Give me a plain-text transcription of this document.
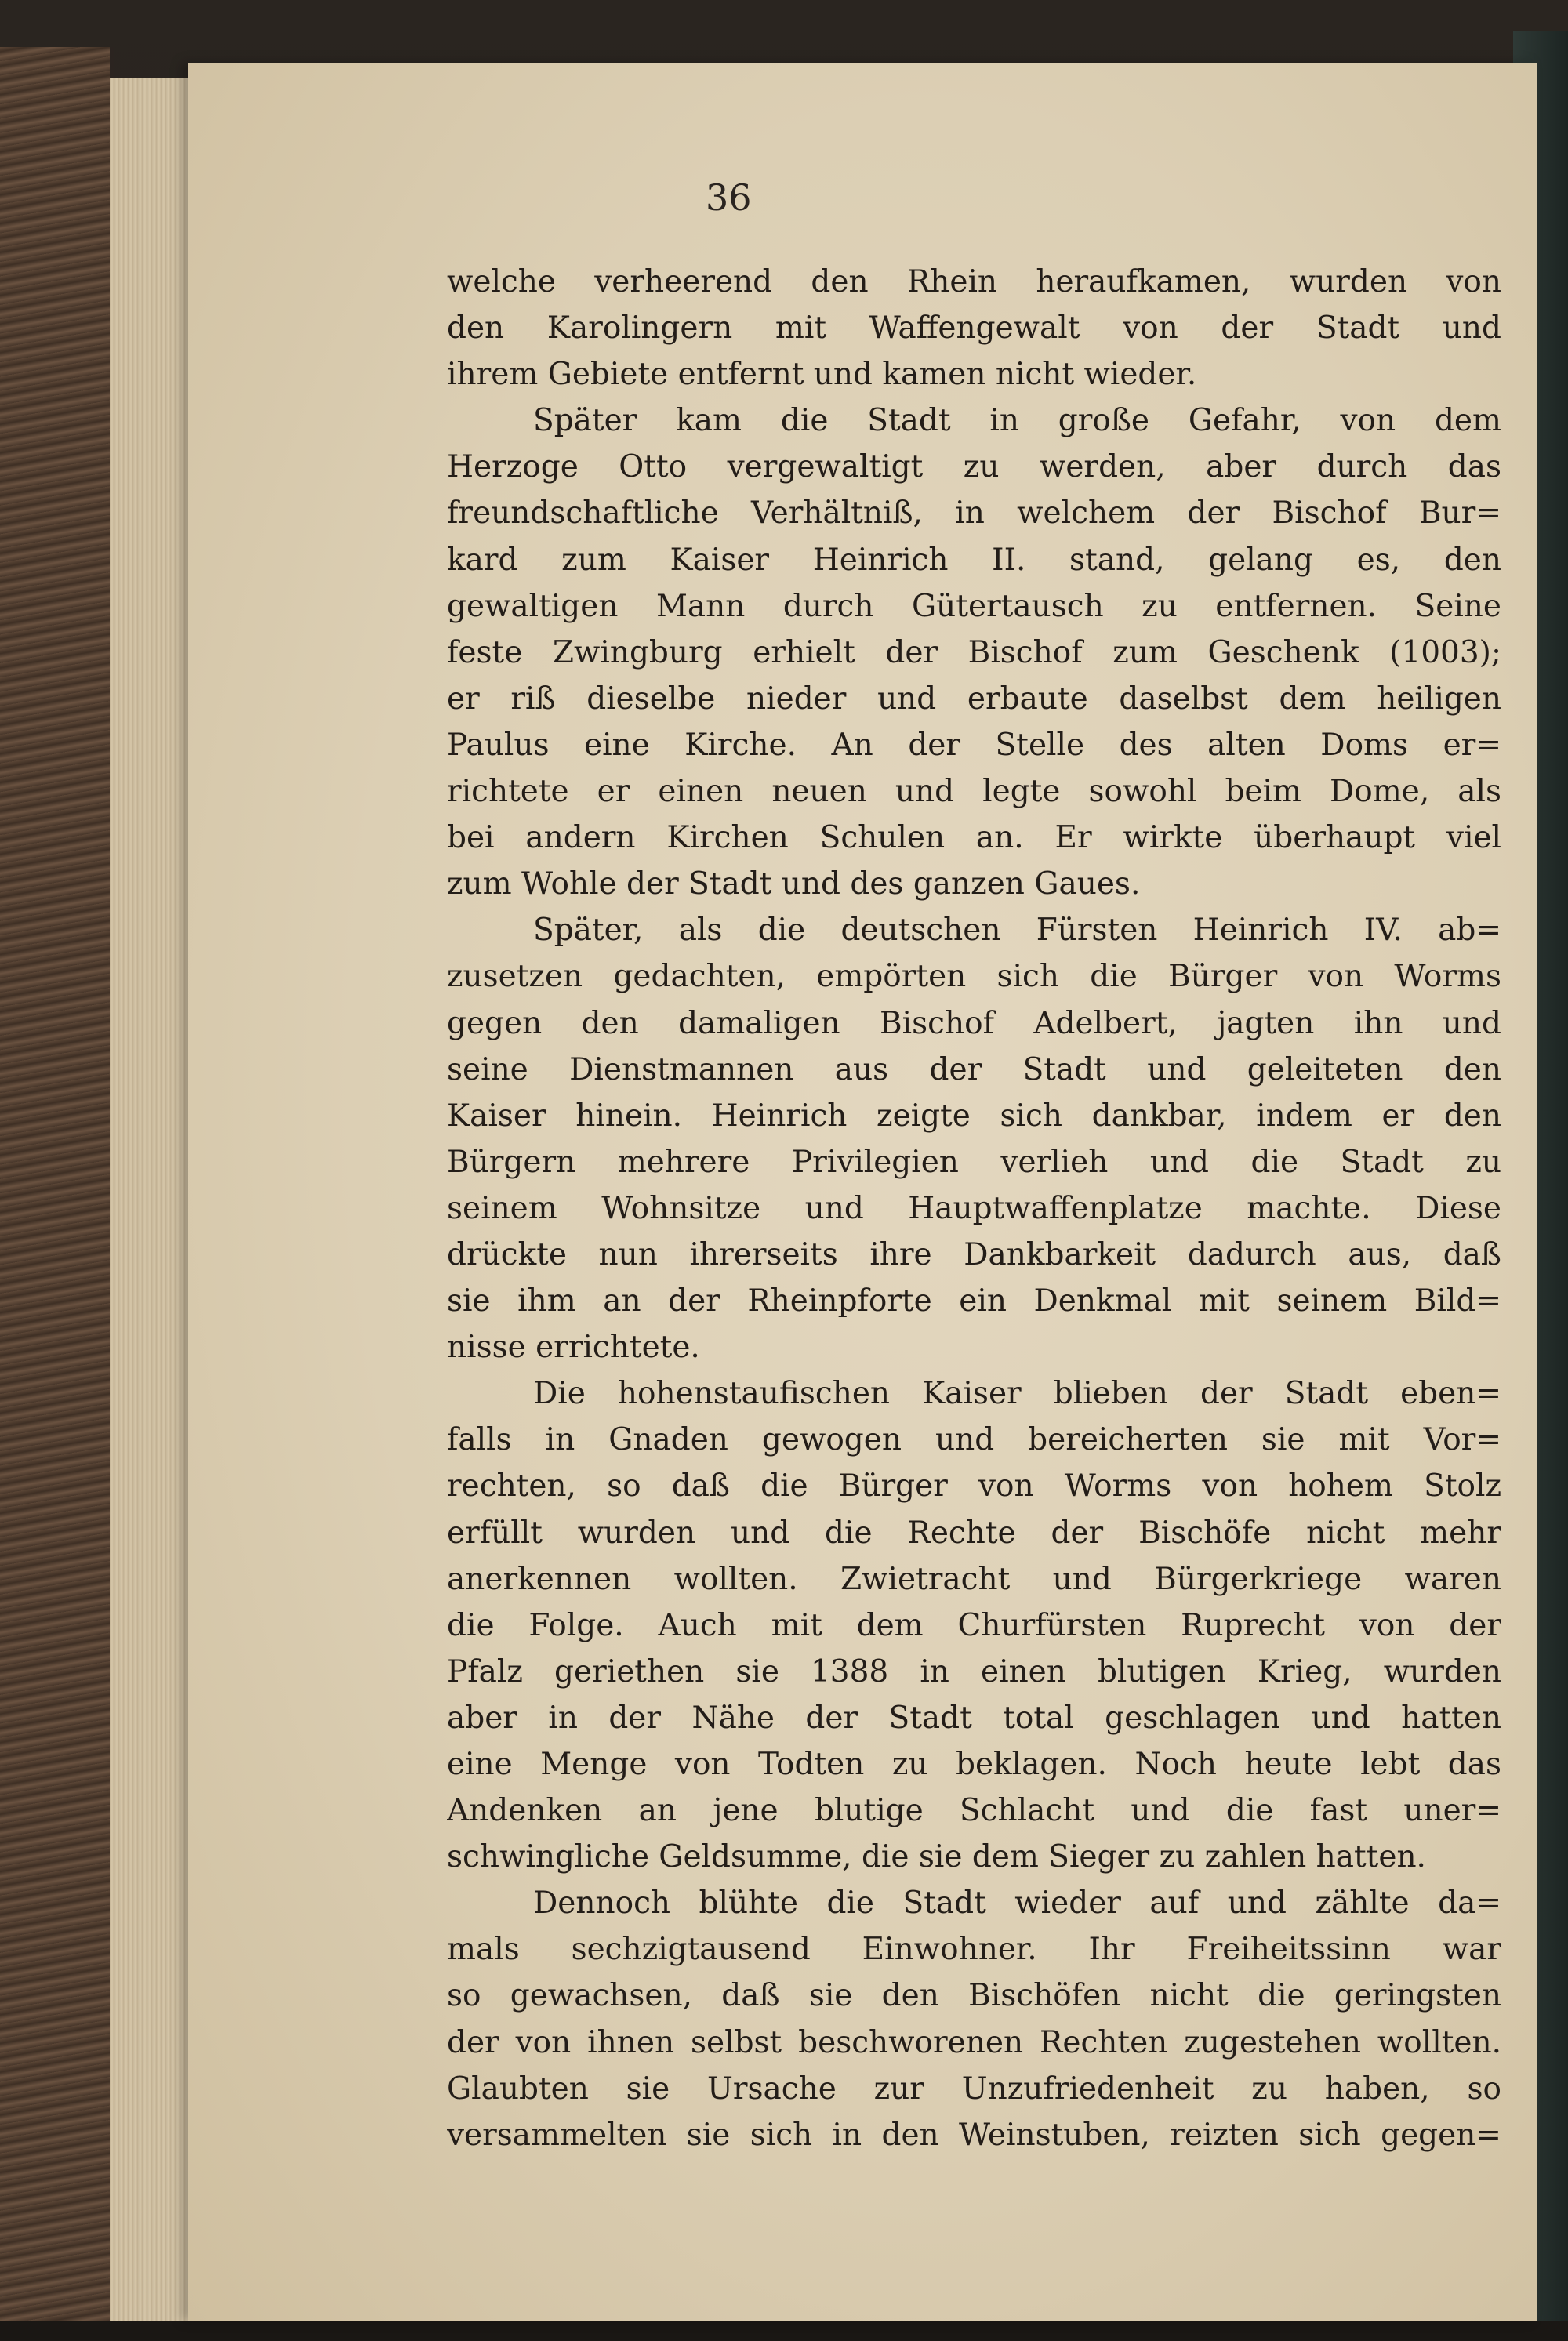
36
welche verheerend den Rhein heraufkamen, wurden von
den Karolingern mit Waffengewalt von der Stadt und
ihrem Gebiete entfernt und kamen nicht wieder.
Später kam die Stadt in große Gefahr, von dem
Herzoge Otto vergewaltigt zu werden, aber durch das
freundschaftliche Verhältniß, in welchem der Bischof Bur=
kard zum Kaiser Heinrich II. stand, gelang es, den
gewaltigen Mann durch Gütertausch zu entfernen. Seine
feste Zwingburg erhielt der Bischof zum Geschenk (1003);
er riß dieselbe nieder und erbaute daselbst dem heiligen
Paulus eine Kirche. An der Stelle des alten Doms er=
richtete er einen neuen und legte sowohl beim Dome, als
bei andern Kirchen Schulen an. Er wirkte überhaupt viel
zum Wohle der Stadt und des ganzen Gaues.
Später, als die deutschen Fürsten Heinrich IV. ab=
zusetzen gedachten, empörten sich die Bürger von Worms
gegen den damaligen Bischof Adelbert, jagten ihn und
seine Dienstmannen aus der Stadt und geleiteten den
Kaiser hinein. Heinrich zeigte sich dankbar, indem er den
Bürgern mehrere Privilegien verlieh und die Stadt zu
seinem Wohnsitze und Hauptwaffenplatze machte. Diese
drückte nun ihrerseits ihre Dankbarkeit dadurch aus, daß
sie ihm an der Rheinpforte ein Denkmal mit seinem Bild=
nisse errichtete.
Die hohenstaufischen Kaiser blieben der Stadt eben=
falls in Gnaden gewogen und bereicherten sie mit Vor=
rechten, so daß die Bürger von Worms von hohem Stolz
erfüllt wurden und die Rechte der Bischöfe nicht mehr
anerkennen wollten. Zwietracht und Bürgerkriege waren
die Folge. Auch mit dem Churfürsten Ruprecht von der
Pfalz geriethen sie 1388 in einen blutigen Krieg, wurden
aber in der Nähe der Stadt total geschlagen und hatten
eine Menge von Todten zu beklagen. Noch heute lebt das
Andenken an jene blutige Schlacht und die fast uner=
schwingliche Geldsumme, die sie dem Sieger zu zahlen hatten.
Dennoch blühte die Stadt wieder auf und zählte da=
mals sechzigtausend Einwohner. Ihr Freiheitssinn war
so gewachsen, daß sie den Bischöfen nicht die geringsten
der von ihnen selbst beschworenen Rechten zugestehen wollten.
Glaubten sie Ursache zur Unzufriedenheit zu haben, so
versammelten sie sich in den Weinstuben, reizten sich gegen=
